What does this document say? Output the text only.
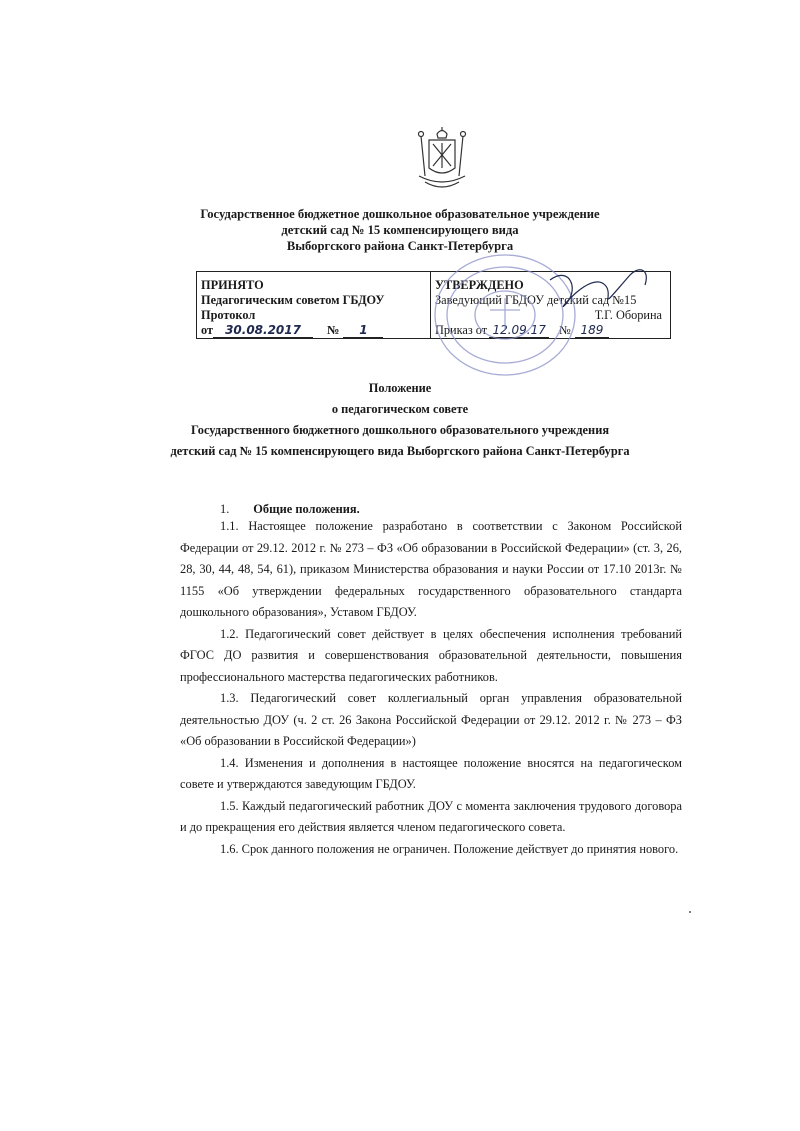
Государственное бюджетное дошкольное образовательное учреждение
детский сад № 15 компенсирующего вида
Выборгского района Санкт-Петербурга
ПРИНЯТО
Педагогическим советом ГБДОУ
Протокол
от	30.08.2017	№	1
УТВЕРЖДЕНО
Заведующий ГБДОУ детский сад №15
Т.Г. Оборина
Приказ от 12.09.17 № 189
Положение
о педагогическом совете
Государственного бюджетного дошкольного образовательного учреждения
детский сад № 15 компенсирующего вида Выборгского района Санкт-Петербурга
1. Общие положения.

1.1. Настоящее положение разработано в соответствии с Законом Российской Федерации от 29.12. 2012 г. № 273 – ФЗ «Об образовании в Российской Федерации» (ст. 3, 26, 28, 30, 44, 48, 54, 61), приказом Министерства образования и науки России от 17.10 2013г. № 1155 «Об утверждении федеральных государственного образовательного стандарта дошкольного образования», Уставом ГБДОУ.

1.2. Педагогический совет действует в целях обеспечения исполнения требований ФГОС ДО развития и совершенствования образовательной деятельности, повышения профессионального мастерства педагогических работников.

1.3. Педагогический совет коллегиальный орган управления образовательной деятельностью ДОУ (ч. 2 ст. 26 Закона Российской Федерации от 29.12. 2012 г. № 273 – ФЗ «Об образовании в Российской Федерации»)

1.4. Изменения и дополнения в настоящее положение вносятся на педагогическом совете и утверждаются заведующим ГБДОУ.

1.5. Каждый педагогический работник ДОУ с момента заключения трудового договора и до прекращения его действия является членом педагогического совета.

1.6. Срок данного положения не ограничен. Положение действует до принятия нового.
